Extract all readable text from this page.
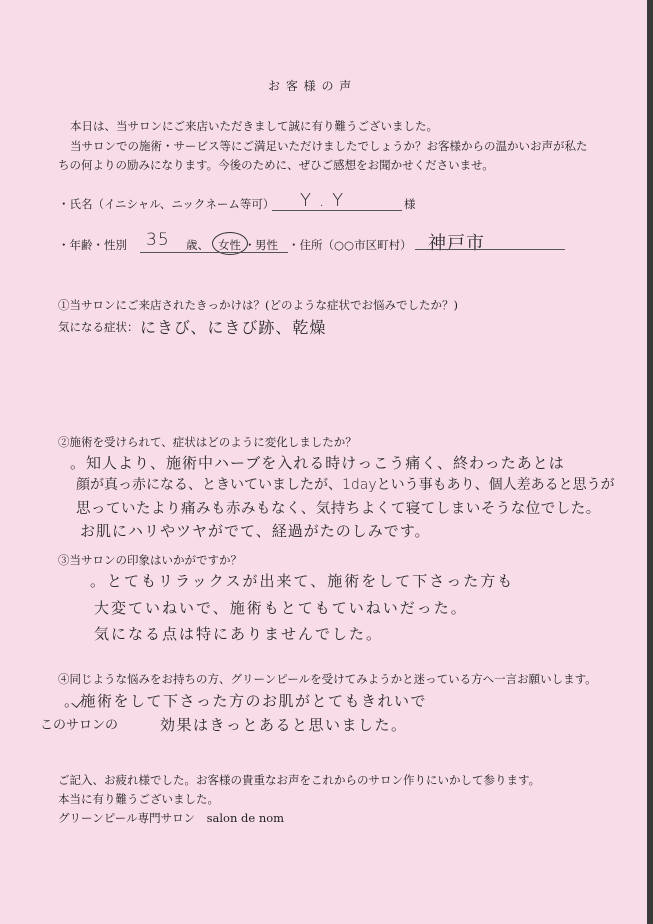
お 客 様 の 声
本日は、当サロンにご来店いただきまして誠に有り難うございました。
当サロンでの施術・サービス等にご満足いただけましたでしょうか？お客様からの温かいお声が私た
ちの何よりの励みになります。今後のために、ぜひご感想をお聞かせくださいませ。
・氏名（イニシャル、ニックネーム等可） Y . Y	様
・年齢・性別 35 歳、 女性 ・ 男性 ・住所（○○市区町村） 神戸市
①当サロンにご来店されたきっかけは？(どのような症状でお悩みでしたか？)
気になる症状： にきび、にきび跡、乾燥
②施術を受けられて、症状はどのように変化しましたか？
。知人より、施術中ハーブを入れる時けっこう痛く、終わったあとは
顔が真っ赤になる、ときいていましたが、1dayという事もあり、個人差あると思うが
思っていたより痛みも赤みもなく、気持ちよくて寝てしまいそうな位でした。
お肌にハリやツヤがでて、経過がたのしみです。
③当サロンの印象はいかがですか？
。とてもリラックスが出来て、施術をして下さった方も
大変ていねいで、施術もとてもていねいだった。
気になる点は特にありませんでした。
④同じような悩みをお持ちの方、グリーンピールを受けてみようかと迷っている方へ一言お願いします。
。施術をして下さった方のお肌がとてもきれいで
このサロンの	効果はきっとあると思いました。
ご記入、お疲れ様でした。お客様の貴重なお声をこれからのサロン作りにいかして参ります。
本当に有り難うございました。
グリーンピール専門サロン　salon de nom
